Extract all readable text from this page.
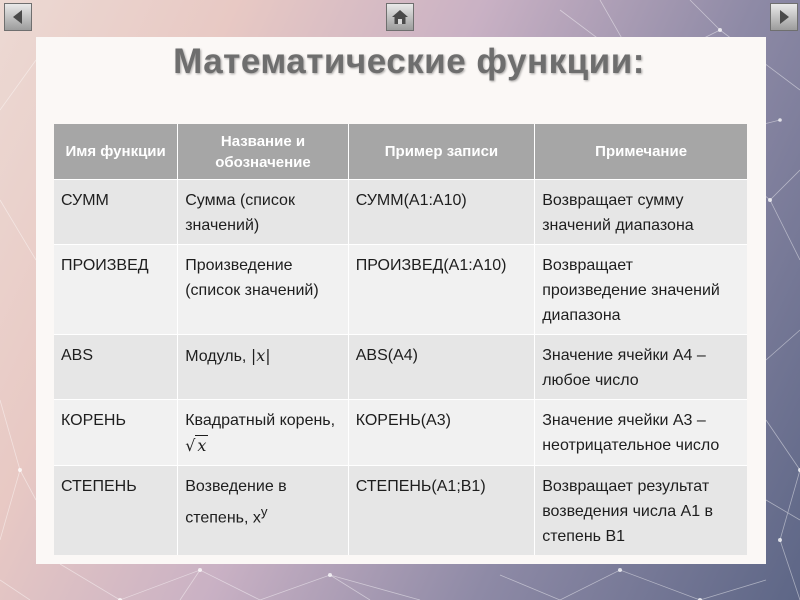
Математические функции:
Имя функции	Название и обозначение	Пример записи	Примечание
СУММ	Сумма (список значений)	СУММ(А1:А10)	Возвращает сумму значений диапазона
ПРОИЗВЕД	Произведение (список значений)	ПРОИЗВЕД(А1:А10)	Возвращает произведение значений диапазона
ABS	Модуль, |x|	ABS(A4)	Значение ячейки А4 – любое число
КОРЕНЬ	Квадратный корень, √ x	КОРЕНЬ(А3)	Значение ячейки А3 – неотрицательное число
СТЕПЕНЬ	Возведение в степень, $x^y$	СТЕПЕНЬ(А1;В1)	Возвращает результат возведения числа А1 в степень В1
